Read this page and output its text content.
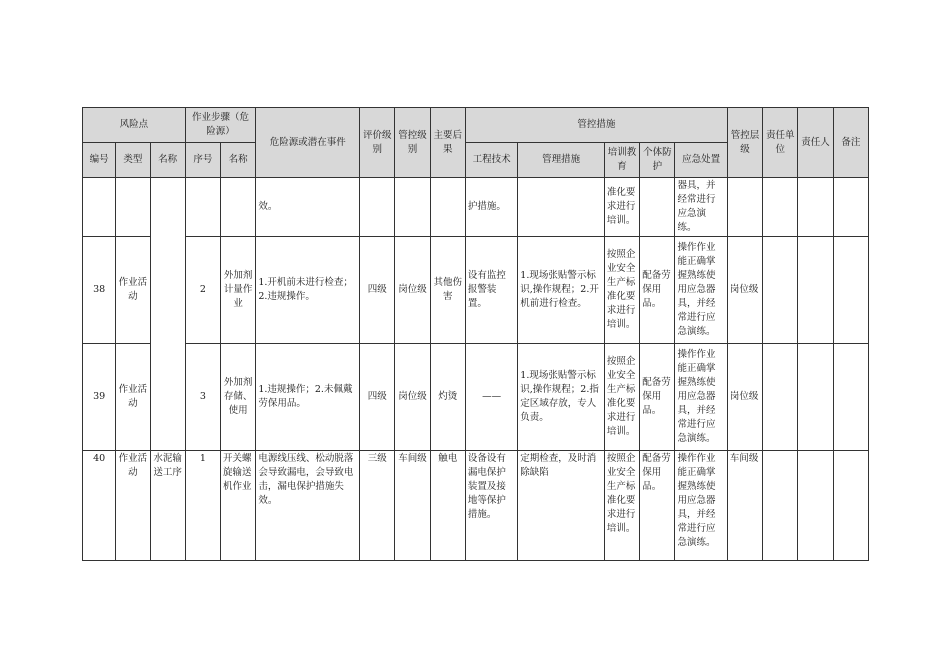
风险点			作业步骤（危险源）		危险源或潜在事件	评价级别	管控级别	主要后果	管控措施					管控层级	责任单位	责任人	备注
编号	类型	名称	序号	名称					工程技术	管理措施	培训教育	个体防护	应急处置				
					效。				护措施。		准化要求进行培训。		器具，并经常进行应急演练。				
38	作业活动		2	外加剂计量作业	1.开机前未进行检查；2.违规操作。	四级	岗位级	其他伤害	设有监控报警装置。	1.现场张贴警示标识,操作规程；2.开机前进行检查。	按照企业安全生产标准化要求进行培训。	配备劳保用品。	操作作业能正确掌握熟练使用应急器具，并经常进行应急演练。	岗位级			
39	作业活动		3	外加剂存储、使用	1.违规操作；2.未佩戴劳保用品。	四级	岗位级	灼烫	——	1.现场张贴警示标识,操作规程；2.指定区域存放，专人负责。	按照企业安全生产标准化要求进行培训。	配备劳保用品。	操作作业能正确掌握熟练使用应急器具，并经常进行应急演练。	岗位级			
40	作业活动	水泥输送工序	1	开关螺旋输送机作业	电源线压线、松动脱落会导致漏电，会导致电击，漏电保护措施失效。	三级	车间级	触电	设备设有漏电保护装置及接地等保护措施。	定期检查，及时消除缺陷	按照企业安全生产标准化要求进行培训。	配备劳保用品。	操作作业能正确掌握熟练使用应急器具，并经常进行应急演练。	车间级			
